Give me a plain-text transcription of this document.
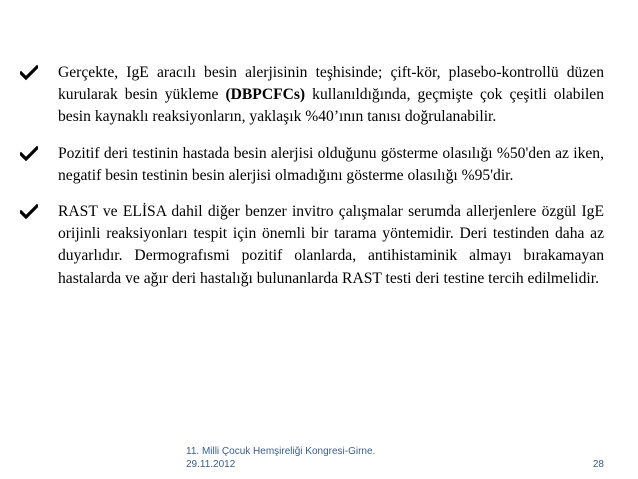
Gerçekte, IgE aracılı besin alerjisinin teşhisinde; çift-kör, plasebo-kontrollü düzen kurularak besin yükleme (DBPCFCs) kullanıldığında, geçmişte çok çeşitli olabilen besin kaynaklı reaksiyonların, yaklaşık %40’ının tanısı doğrulanabilir.
Pozitif deri testinin hastada besin alerjisi olduğunu gösterme olasılığı %50'den az iken, negatif besin testinin besin alerjisi olmadığını gösterme olasılığı %95'dir.
RAST ve ELİSA dahil diğer benzer invitro çalışmalar serumda allerjenlere özgül IgE orijinli reaksiyonları tespit için önemli bir tarama yöntemidir. Deri testinden daha az duyarlıdır. Dermografısmi pozitif olanlarda, antihistaminik almayı bırakamayan hastalarda ve ağır deri hastalığı bulunanlarda RAST testi deri testine tercih edilmelidir.
11. Milli Çocuk Hemşireliği Kongresi-Girne.
29.11.2012	28
